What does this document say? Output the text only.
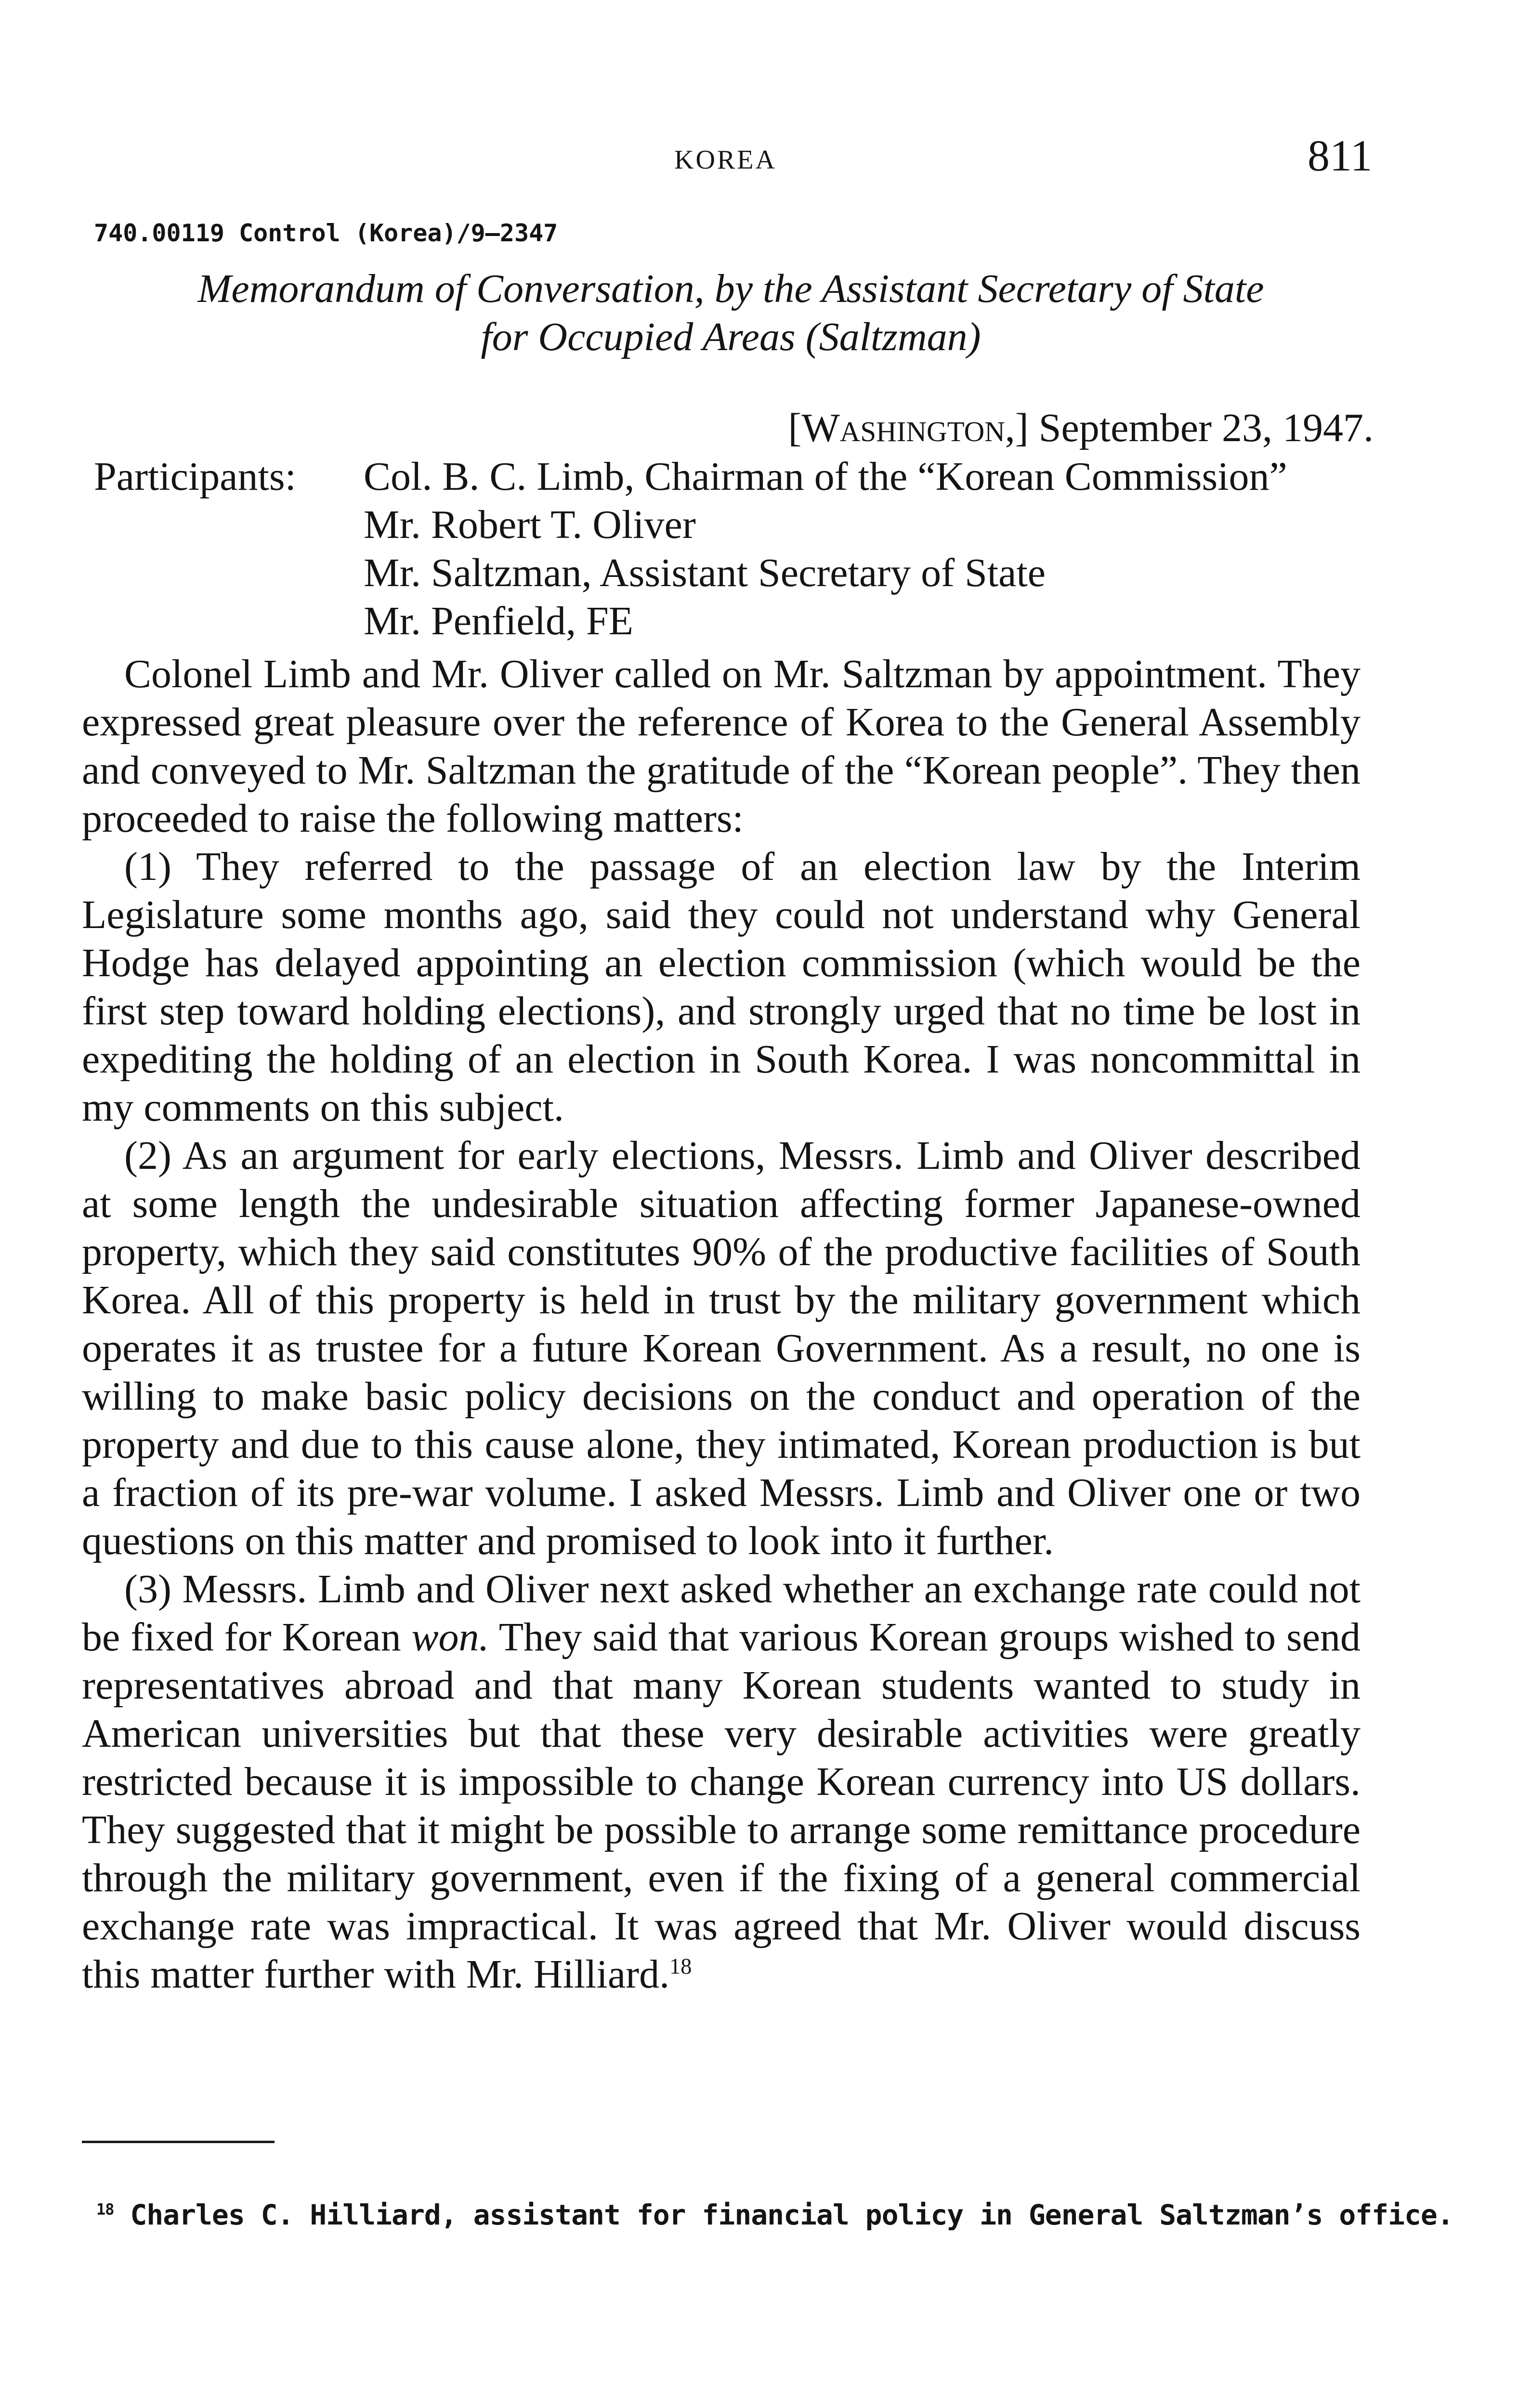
KOREA	811
740.00119 Control (Korea)/9–2347
Memorandum of Conversation, by the Assistant Secretary of State
for Occupied Areas (Saltzman)
[Washington,] September 23, 1947.
Participants: Col. B. C. Limb, Chairman of the “Korean Commission”
Mr. Robert T. Oliver
Mr. Saltzman, Assistant Secretary of State
Mr. Penfield, FE

Colonel Limb and Mr. Oliver called on Mr. Saltzman by appointment. They expressed great pleasure over the reference of Korea to the General Assembly and conveyed to Mr. Saltzman the gratitude of the “Korean people”. They then proceeded to raise the following matters:

(1) They referred to the passage of an election law by the Interim Legislature some months ago, said they could not understand why General Hodge has delayed appointing an election commission (which would be the first step toward holding elections), and strongly urged that no time be lost in expediting the holding of an election in South Korea. I was noncommittal in my comments on this subject.

(2) As an argument for early elections, Messrs. Limb and Oliver described at some length the undesirable situation affecting former Japanese-owned property, which they said constitutes 90% of the productive facilities of South Korea. All of this property is held in trust by the military government which operates it as trustee for a future Korean Government. As a result, no one is willing to make basic policy decisions on the conduct and operation of the property and due to this cause alone, they intimated, Korean production is but a fraction of its pre-war volume. I asked Messrs. Limb and Oliver one or two questions on this matter and promised to look into it further.

(3) Messrs. Limb and Oliver next asked whether an exchange rate could not be fixed for Korean won. They said that various Korean groups wished to send representatives abroad and that many Korean students wanted to study in American universities but that these very desirable activities were greatly restricted because it is impossible to change Korean currency into US dollars. They suggested that it might be possible to arrange some remittance procedure through the military government, even if the fixing of a general commercial exchange rate was impractical. It was agreed that Mr. Oliver would discuss this matter further with Mr. Hilliard.$^{18}$

$^{18}$ Charles C. Hilliard, assistant for financial policy in General Saltzman’s office.
